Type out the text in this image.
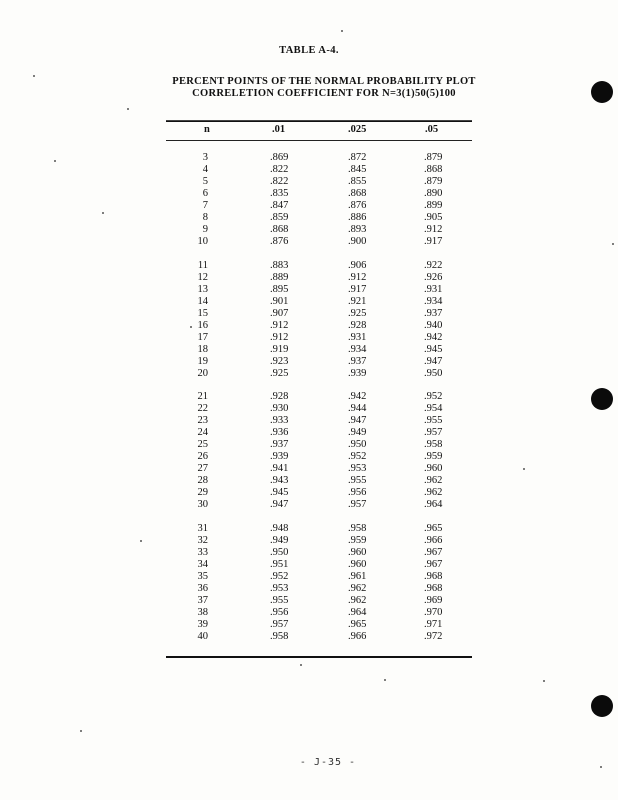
TABLE A-4.
PERCENT POINTS OF THE NORMAL PROBABILITY PLOT
CORRELETION COEFFICIENT FOR N=3(1)50(5)100
n	.01	.025	.05
3	.869	.872	.879
4	.822	.845	.868
5	.822	.855	.879
6	.835	.868	.890
7	.847	.876	.899
8	.859	.886	.905
9	.868	.893	.912
10	.876	.900	.917
11	.883	.906	.922
12	.889	.912	.926
13	.895	.917	.931
14	.901	.921	.934
15	.907	.925	.937
16	.912	.928	.940
17	.912	.931	.942
18	.919	.934	.945
19	.923	.937	.947
20	.925	.939	.950
21	.928	.942	.952
22	.930	.944	.954
23	.933	.947	.955
24	.936	.949	.957
25	.937	.950	.958
26	.939	.952	.959
27	.941	.953	.960
28	.943	.955	.962
29	.945	.956	.962
30	.947	.957	.964
31	.948	.958	.965
32	.949	.959	.966
33	.950	.960	.967
34	.951	.960	.967
35	.952	.961	.968
36	.953	.962	.968
37	.955	.962	.969
38	.956	.964	.970
39	.957	.965	.971
40	.958	.966	.972
- J-35 -
